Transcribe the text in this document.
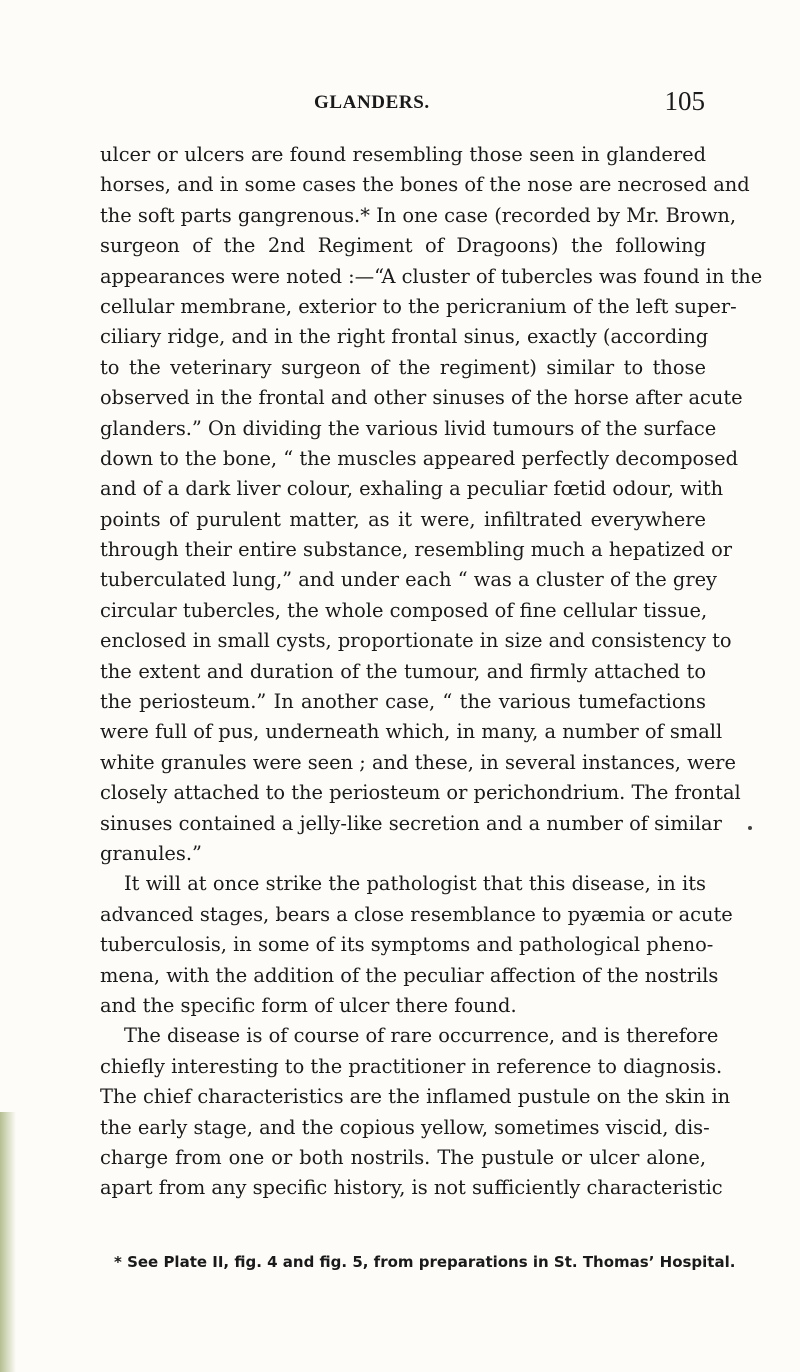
GLANDERS.	105
ulcer or ulcers are found resembling those seen in glandered
horses, and in some cases the bones of the nose are necrosed and
the soft parts gangrenous.* In one case (recorded by Mr. Brown,
surgeon of the 2nd Regiment of Dragoons) the following
appearances were noted :—“A cluster of tubercles was found in the
cellular membrane, exterior to the pericranium of the left super-
ciliary ridge, and in the right frontal sinus, exactly (according
to the veterinary surgeon of the regiment) similar to those
observed in the frontal and other sinuses of the horse after acute
glanders.” On dividing the various livid tumours of the surface
down to the bone, “ the muscles appeared perfectly decomposed
and of a dark liver colour, exhaling a peculiar fœtid odour, with
points of purulent matter, as it were, infiltrated everywhere
through their entire substance, resembling much a hepatized or
tuberculated lung,” and under each “ was a cluster of the grey
circular tubercles, the whole composed of fine cellular tissue,
enclosed in small cysts, proportionate in size and consistency to
the extent and duration of the tumour, and firmly attached to
the periosteum.” In another case, “ the various tumefactions
were full of pus, underneath which, in many, a number of small
white granules were seen ; and these, in several instances, were
closely attached to the periosteum or perichondrium. The frontal
sinuses contained a jelly-like secretion and a number of similar
granules.”
It will at once strike the pathologist that this disease, in its
advanced stages, bears a close resemblance to pyæmia or acute
tuberculosis, in some of its symptoms and pathological pheno-
mena, with the addition of the peculiar affection of the nostrils
and the specific form of ulcer there found.
The disease is of course of rare occurrence, and is therefore
chiefly interesting to the practitioner in reference to diagnosis.
The chief characteristics are the inflamed pustule on the skin in
the early stage, and the copious yellow, sometimes viscid, dis-
charge from one or both nostrils. The pustule or ulcer alone,
apart from any specific history, is not sufficiently characteristic
* See Plate II, fig. 4 and fig. 5, from preparations in St. Thomas’ Hospital.
